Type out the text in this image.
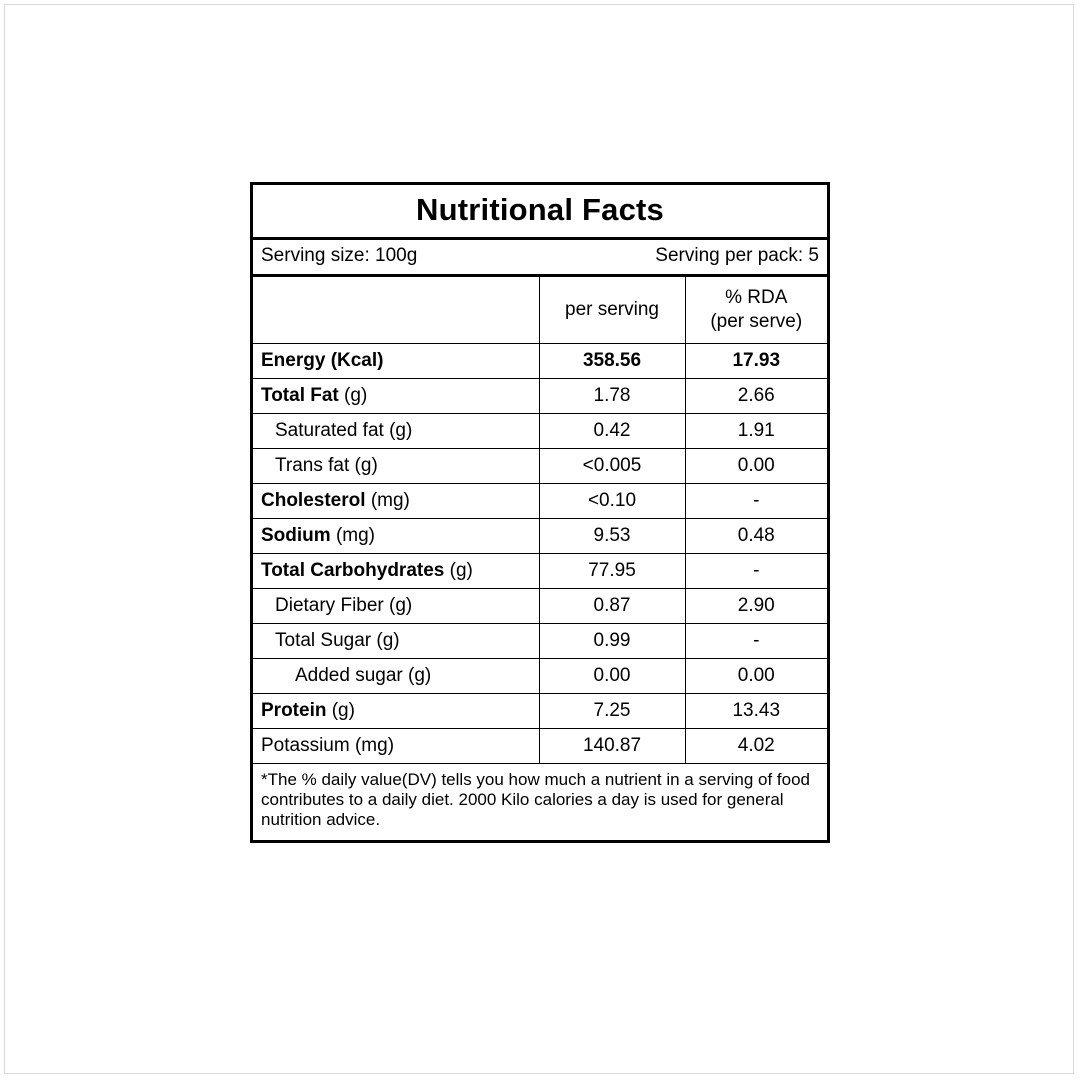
Nutritional Facts
Serving size: 100g	Serving per pack: 5
	per serving	% RDA
(per serve)

Energy (Kcal)	358.56	17.93
Total Fat (g)	1.78	2.66
Saturated fat (g)	0.42	1.91
Trans fat (g)	<0.005	0.00
Cholesterol (mg)	<0.10	-
Sodium (mg)	9.53	0.48
Total Carbohydrates (g)	77.95	-
Dietary Fiber (g)	0.87	2.90
Total Sugar (g)	0.99	-
Added sugar (g)	0.00	0.00
Protein (g)	7.25	13.43
Potassium (mg)	140.87	4.02
*The % daily value(DV) tells you how much a nutrient in a serving of food contributes to a daily diet. 2000 Kilo calories a day is used for general nutrition advice.
